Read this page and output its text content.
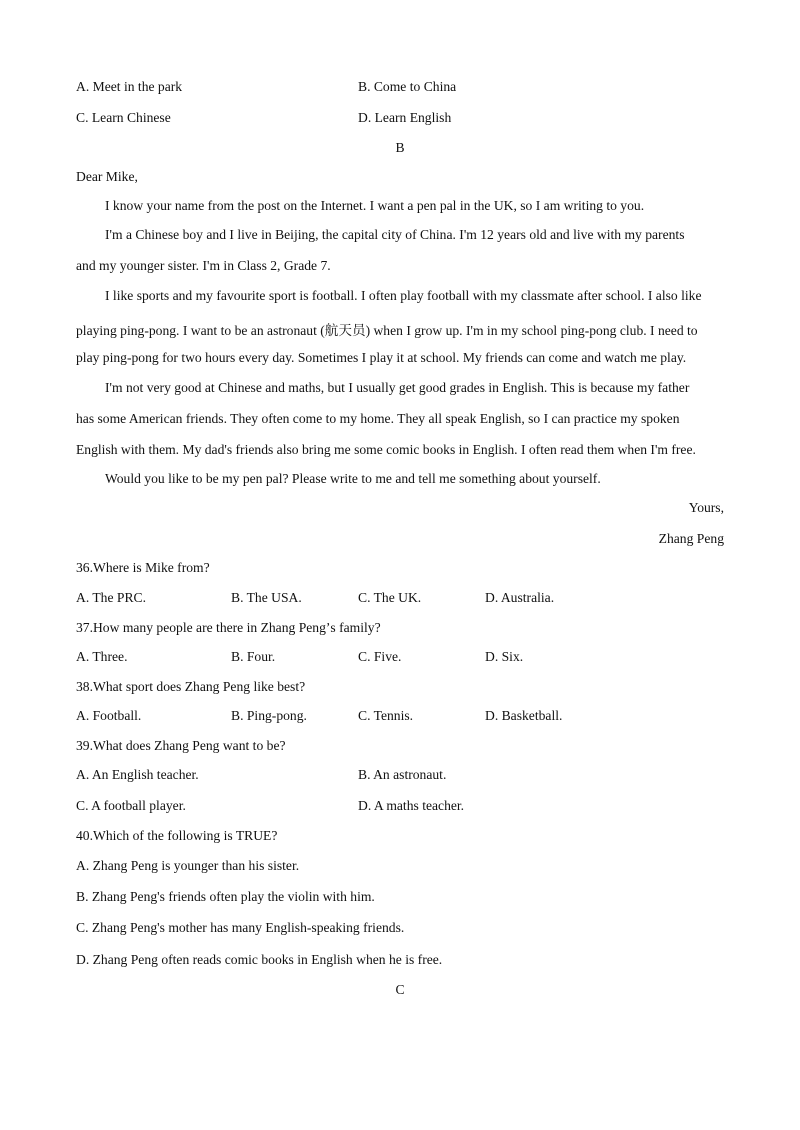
A. Meet in the park	B. Come to China
C. Learn Chinese	D. Learn English
B
Dear Mike,
I know your name from the post on the Internet. I want a pen pal in the UK, so I am writing to you.
I'm a Chinese boy and I live in Beijing, the capital city of China. I'm 12 years old and live with my parents
and my younger sister. I'm in Class 2, Grade 7.
I like sports and my favourite sport is football. I often play football with my classmate after school. I also like
playing ping-pong. I want to be an astronaut (航天员) when I grow up. I'm in my school ping-pong club. I need to
play ping-pong for two hours every day. Sometimes I play it at school. My friends can come and watch me play.
I'm not very good at Chinese and maths, but I usually get good grades in English. This is because my father
has some American friends. They often come to my home. They all speak English, so I can practice my spoken
English with them. My dad's friends also bring me some comic books in English. I often read them when I'm free.
Would you like to be my pen pal? Please write to me and tell me something about yourself.
Yours,
Zhang Peng
36.Where is Mike from?
A. The PRC.	B. The USA.	C. The UK.	D. Australia.
37.How many people are there in Zhang Pengʼs family?
A. Three.	B. Four.	C. Five.	D. Six.
38.What sport does Zhang Peng like best?
A. Football.	B. Ping-pong.	C. Tennis.	D. Basketball.
39.What does Zhang Peng want to be?
A. An English teacher.	B. An astronaut.
C. A football player.	D. A maths teacher.
40.Which of the following is TRUE?
A. Zhang Peng is younger than his sister.
B. Zhang Peng's friends often play the violin with him.
C. Zhang Peng's mother has many English-speaking friends.
D. Zhang Peng often reads comic books in English when he is free.
C
